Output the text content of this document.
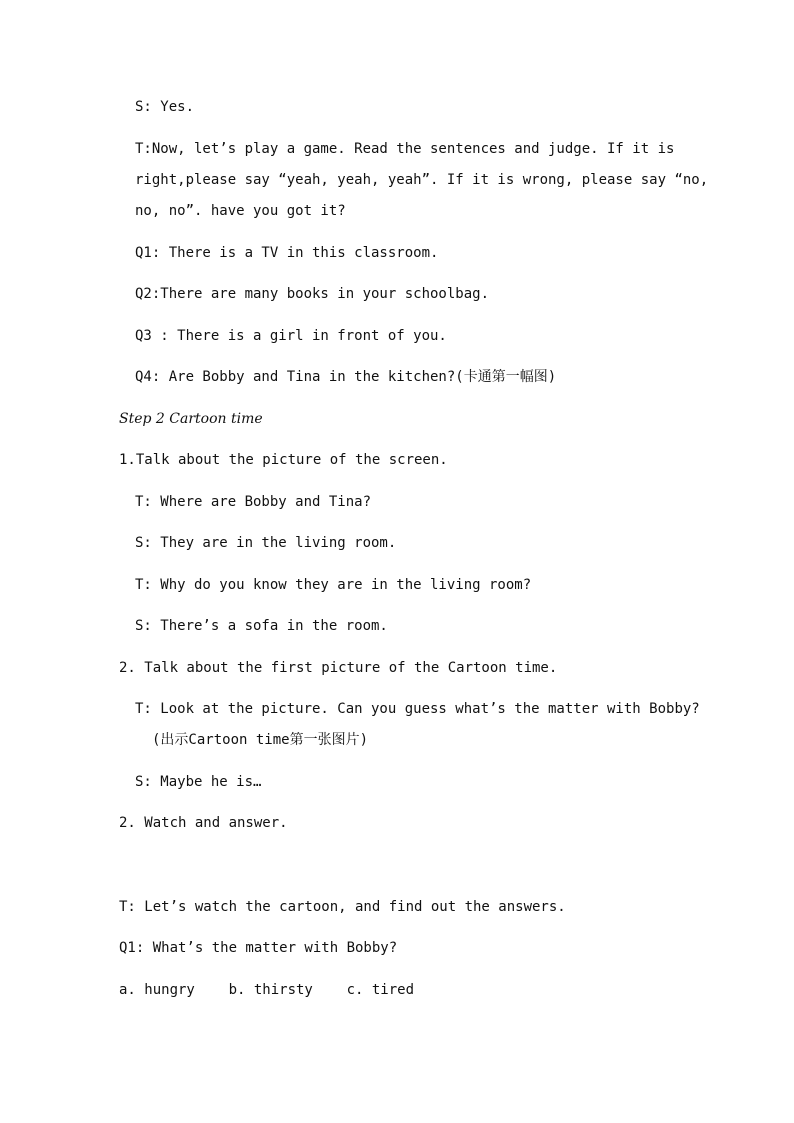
S: Yes.
T:Now, let’s play a game. Read the sentences and judge. If it is
right,please say “yeah, yeah, yeah”. If it is wrong, please say “no,
no, no”. have you got it?
Q1: There is a TV in this classroom.
Q2:There are many books in your schoolbag.
Q3 : There is a girl in front of you.
Q4: Are Bobby and Tina in the kitchen?(卡通第一幅图)
Step 2 Cartoon time
1.Talk about the picture of the screen.
T: Where are Bobby and Tina?
S: They are in the living room.
T: Why do you know they are in the living room?
S: There’s a sofa in the room.
2. Talk about the first picture of the Cartoon time.
T: Look at the picture. Can you guess what’s the matter with Bobby?
(出示Cartoon time第一张图片)
S: Maybe he is…
2. Watch and answer.
T: Let’s watch the cartoon, and find out the answers.
Q1: What’s the matter with Bobby?
a. hungry    b. thirsty    c. tired
